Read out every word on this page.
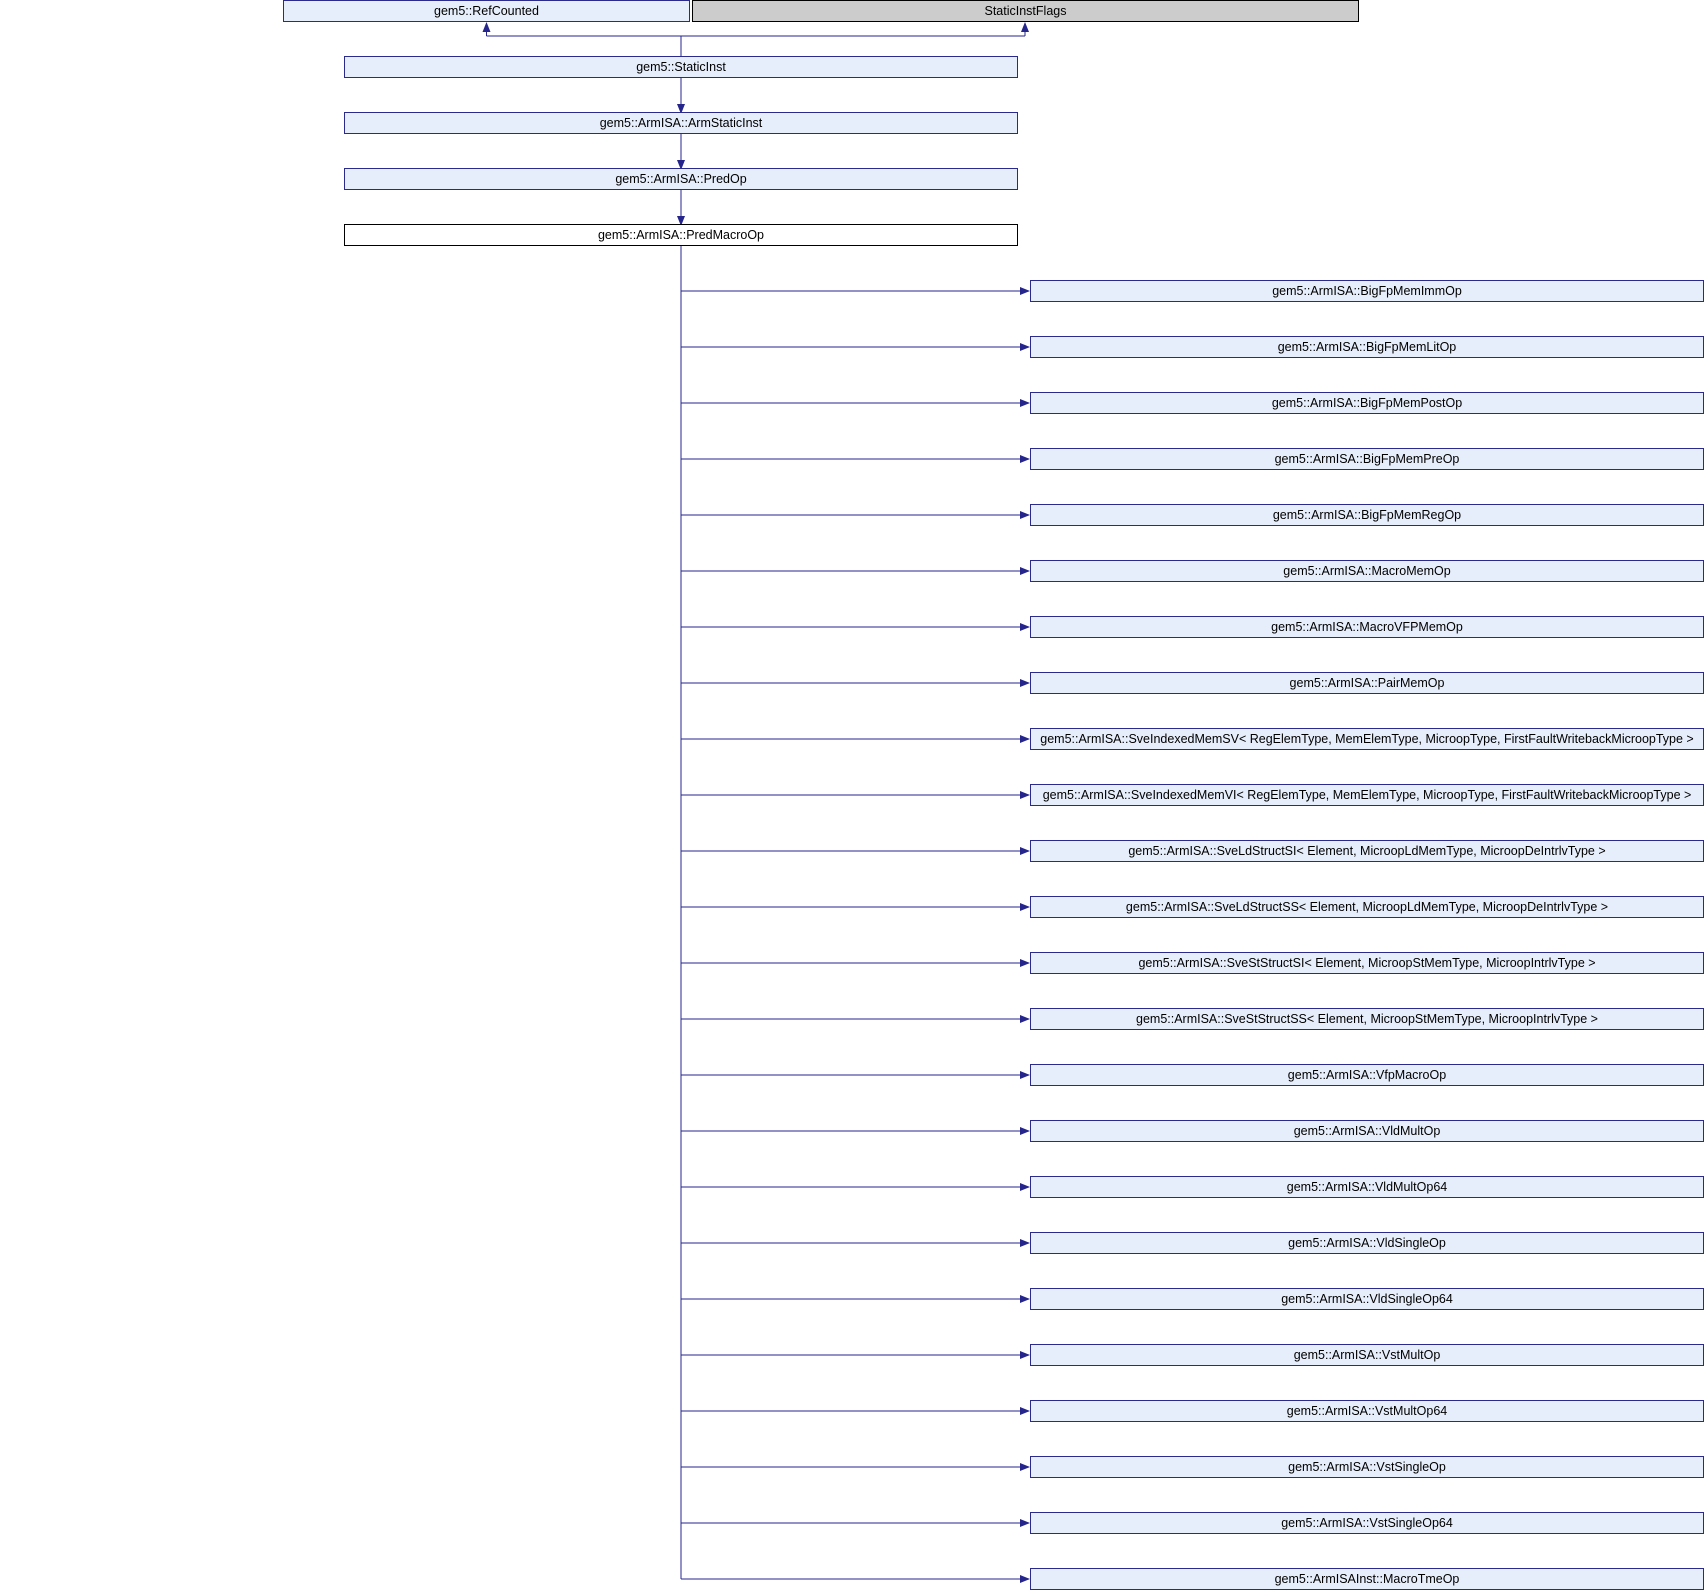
gem5::RefCounted	StaticInstFlags
gem5::StaticInst
gem5::ArmISA::ArmStaticInst
gem5::ArmISA::PredOp
gem5::ArmISA::PredMacroOp
gem5::ArmISA::BigFpMemImmOp
gem5::ArmISA::BigFpMemLitOp
gem5::ArmISA::BigFpMemPostOp
gem5::ArmISA::BigFpMemPreOp
gem5::ArmISA::BigFpMemRegOp
gem5::ArmISA::MacroMemOp
gem5::ArmISA::MacroVFPMemOp
gem5::ArmISA::PairMemOp
gem5::ArmISA::SveIndexedMemSV< RegElemType, MemElemType, MicroopType, FirstFaultWritebackMicroopType >
gem5::ArmISA::SveIndexedMemVI< RegElemType, MemElemType, MicroopType, FirstFaultWritebackMicroopType >
gem5::ArmISA::SveLdStructSI< Element, MicroopLdMemType, MicroopDeIntrlvType >
gem5::ArmISA::SveLdStructSS< Element, MicroopLdMemType, MicroopDeIntrlvType >
gem5::ArmISA::SveStStructSI< Element, MicroopStMemType, MicroopIntrlvType >
gem5::ArmISA::SveStStructSS< Element, MicroopStMemType, MicroopIntrlvType >
gem5::ArmISA::VfpMacroOp
gem5::ArmISA::VldMultOp
gem5::ArmISA::VldMultOp64
gem5::ArmISA::VldSingleOp
gem5::ArmISA::VldSingleOp64
gem5::ArmISA::VstMultOp
gem5::ArmISA::VstMultOp64
gem5::ArmISA::VstSingleOp
gem5::ArmISA::VstSingleOp64
gem5::ArmISAInst::MacroTmeOp
